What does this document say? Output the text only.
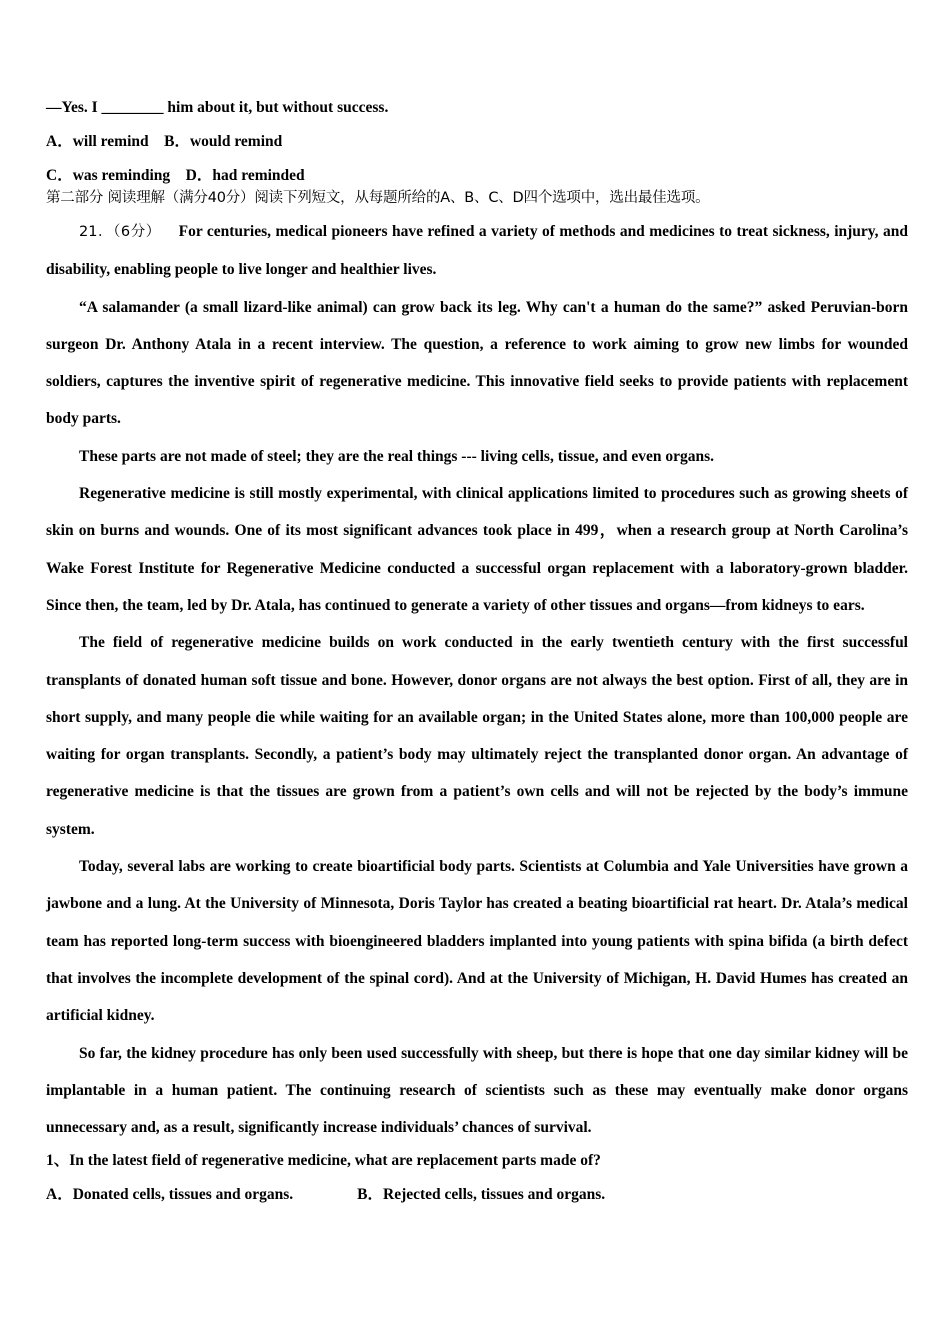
—Yes. I ________ him about it, but without success.
A．will remind    B．would remind
C．was reminding    D．had reminded
第二部分 阅读理解（满分40分）阅读下列短文，从每题所给的A、B、C、D四个选项中，选出最佳选项。

21．（6分） For centuries, medical pioneers have refined a variety of methods and medicines to treat sickness, injury, and disability, enabling people to live longer and healthier lives.

“A salamander (a small lizard-like animal) can grow back its leg. Why can't a human do the same?” asked Peruvian-born surgeon Dr. Anthony Atala in a recent interview. The question, a reference to work aiming to grow new limbs for wounded soldiers, captures the inventive spirit of regenerative medicine. This innovative field seeks to provide patients with replacement body parts.

These parts are not made of steel; they are the real things --- living cells, tissue, and even organs.

Regenerative medicine is still mostly experimental, with clinical applications limited to procedures such as growing sheets of skin on burns and wounds. One of its most significant advances took place in 499，when a research group at North Carolina’s Wake Forest Institute for Regenerative Medicine conducted a successful organ replacement with a laboratory-grown bladder. Since then, the team, led by Dr. Atala, has continued to generate a variety of other tissues and organs—from kidneys to ears.

The field of regenerative medicine builds on work conducted in the early twentieth century with the first successful transplants of donated human soft tissue and bone. However, donor organs are not always the best option. First of all, they are in short supply, and many people die while waiting for an available organ; in the United States alone, more than 100,000 people are waiting for organ transplants. Secondly, a patient’s body may ultimately reject the transplanted donor organ. An advantage of regenerative medicine is that the tissues are grown from a patient’s own cells and will not be rejected by the body’s immune system.

Today, several labs are working to create bioartificial body parts. Scientists at Columbia and Yale Universities have grown a jawbone and a lung. At the University of Minnesota, Doris Taylor has created a beating bioartificial rat heart. Dr. Atala’s medical team has reported long-term success with bioengineered bladders implanted into young patients with spina bifida (a birth defect that involves the incomplete development of the spinal cord). And at the University of Michigan, H. David Humes has created an artificial kidney.

So far, the kidney procedure has only been used successfully with sheep, but there is hope that one day similar kidney will be implantable in a human patient. The continuing research of scientists such as these may eventually make donor organs unnecessary and, as a result, significantly increase individuals’ chances of survival.

1、In the latest field of regenerative medicine, what are replacement parts made of?
A．Donated cells, tissues and organs.	B．Rejected cells, tissues and organs.
